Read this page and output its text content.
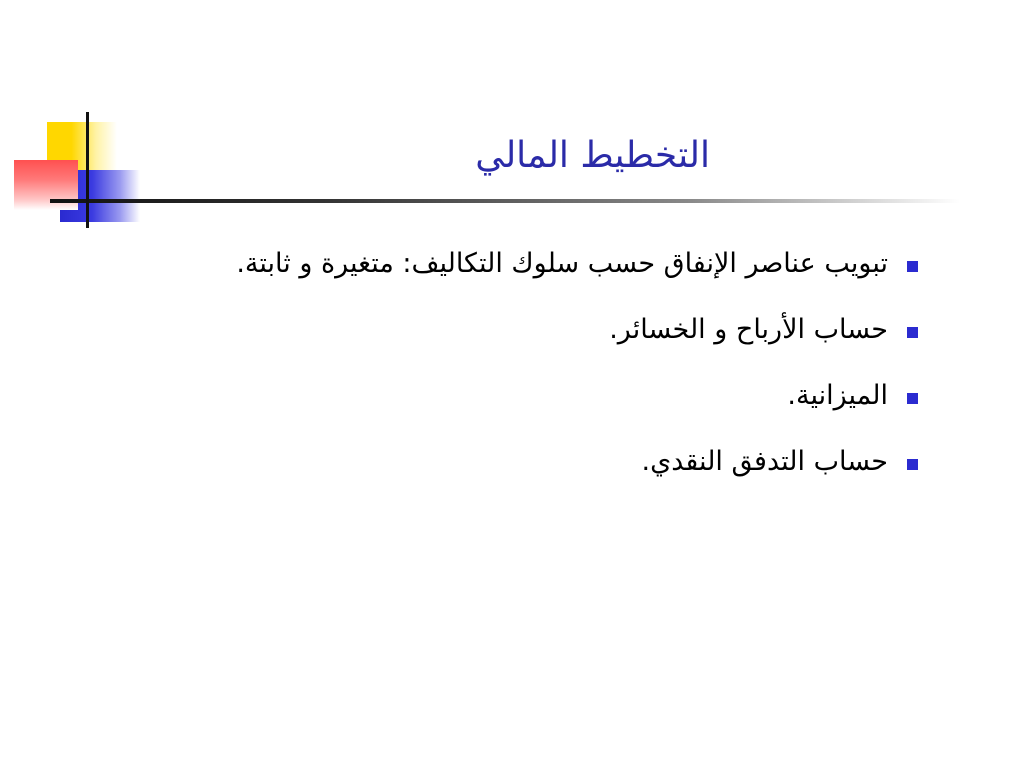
التخطيط المالي
تبويب عناصر الإنفاق حسب سلوك التكاليف: متغيرة و ثابتة.
حساب الأرباح و الخسائر.
الميزانية.
حساب التدفق النقدي.
